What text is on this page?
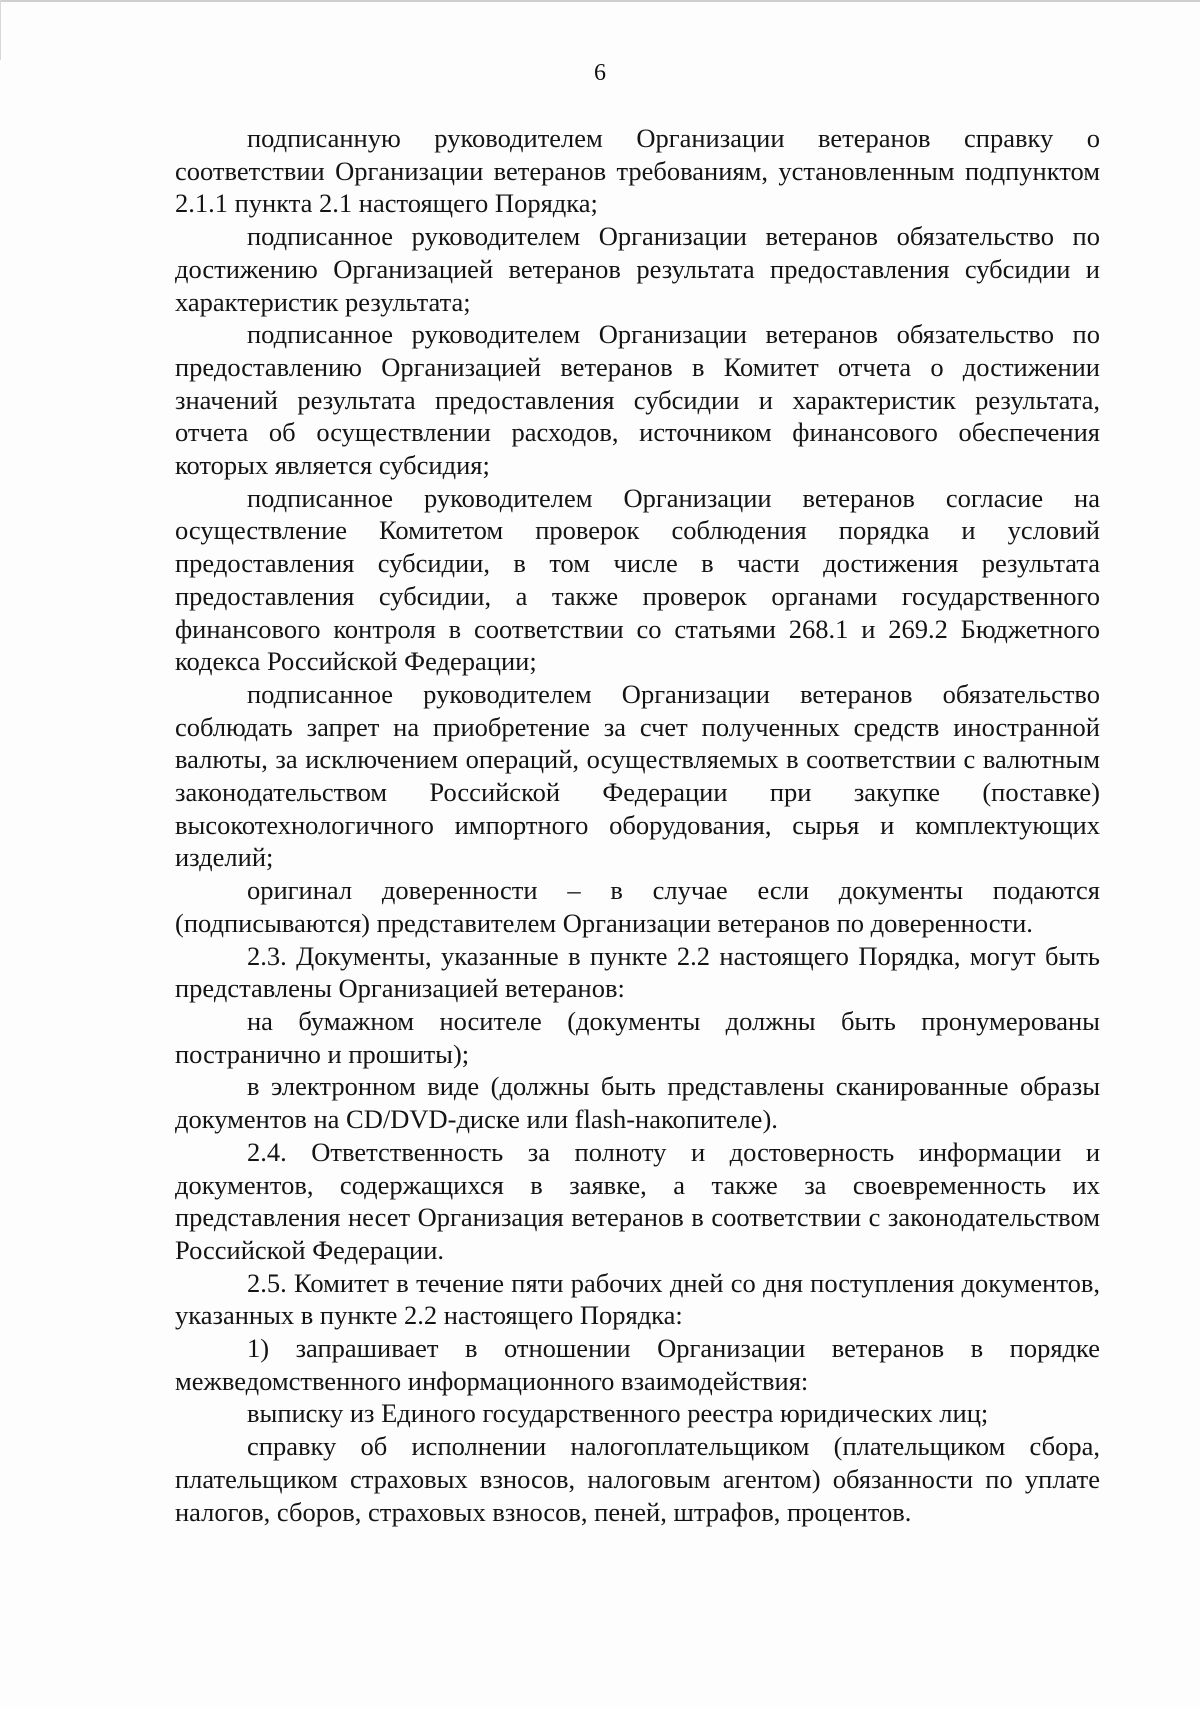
6

подписанную руководителем Организации ветеранов справку о соответствии Организации ветеранов требованиям, установленным подпунктом 2.1.1 пункта 2.1 настоящего Порядка;

подписанное руководителем Организации ветеранов обязательство по достижению Организацией ветеранов результата предоставления субсидии и характеристик результата;

подписанное руководителем Организации ветеранов обязательство по предоставлению Организацией ветеранов в Комитет отчета о достижении значений результата предоставления субсидии и характеристик результата, отчета об осуществлении расходов, источником финансового обеспечения которых является субсидия;

подписанное руководителем Организации ветеранов согласие на осуществление Комитетом проверок соблюдения порядка и условий предоставления субсидии, в том числе в части достижения результата предоставления субсидии, а также проверок органами государственного финансового контроля в соответствии со статьями 268.1 и 269.2 Бюджетного кодекса Российской Федерации;

подписанное руководителем Организации ветеранов обязательство соблюдать запрет на приобретение за счет полученных средств иностранной валюты, за исключением операций, осуществляемых в соответствии с валютным законодательством Российской Федерации при закупке (поставке) высокотехнологичного импортного оборудования, сырья и комплектующих изделий;

оригинал доверенности – в случае если документы подаются (подписываются) представителем Организации ветеранов по доверенности.

2.3. Документы, указанные в пункте 2.2 настоящего Порядка, могут быть представлены Организацией ветеранов:

на бумажном носителе (документы должны быть пронумерованы постранично и прошиты);

в электронном виде (должны быть представлены сканированные образы документов на CD/DVD-диске или flash-накопителе).

2.4. Ответственность за полноту и достоверность информации и документов, содержащихся в заявке, а также за своевременность их представления несет Организация ветеранов в соответствии с законодательством Российской Федерации.

2.5. Комитет в течение пяти рабочих дней со дня поступления документов, указанных в пункте 2.2 настоящего Порядка:

1) запрашивает в отношении Организации ветеранов в порядке межведомственного информационного взаимодействия:

выписку из Единого государственного реестра юридических лиц;

справку об исполнении налогоплательщиком (плательщиком сбора, плательщиком страховых взносов, налоговым агентом) обязанности по уплате налогов, сборов, страховых взносов, пеней, штрафов, процентов.
